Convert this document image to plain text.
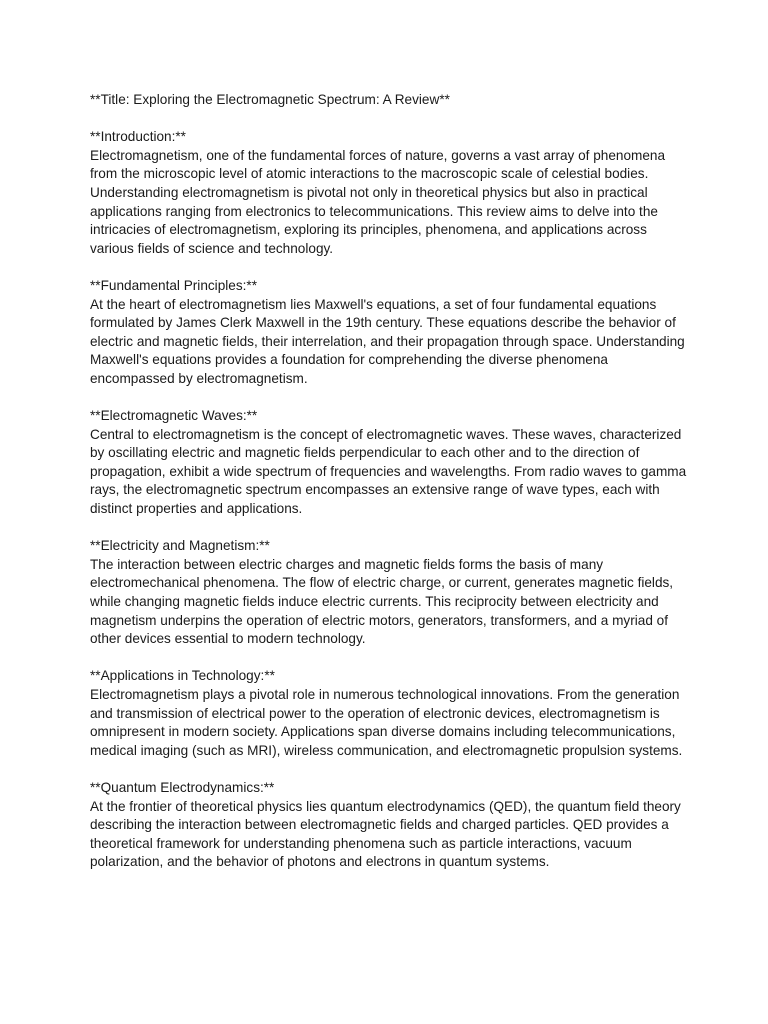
**Title: Exploring the Electromagnetic Spectrum: A Review**

**Introduction:**
Electromagnetism, one of the fundamental forces of nature, governs a vast array of phenomena from the microscopic level of atomic interactions to the macroscopic scale of celestial bodies. Understanding electromagnetism is pivotal not only in theoretical physics but also in practical applications ranging from electronics to telecommunications. This review aims to delve into the intricacies of electromagnetism, exploring its principles, phenomena, and applications across various fields of science and technology.
**Fundamental Principles:**
At the heart of electromagnetism lies Maxwell's equations, a set of four fundamental equations formulated by James Clerk Maxwell in the 19th century. These equations describe the behavior of electric and magnetic fields, their interrelation, and their propagation through space. Understanding Maxwell's equations provides a foundation for comprehending the diverse phenomena encompassed by electromagnetism.
**Electromagnetic Waves:**
Central to electromagnetism is the concept of electromagnetic waves. These waves, characterized by oscillating electric and magnetic fields perpendicular to each other and to the direction of propagation, exhibit a wide spectrum of frequencies and wavelengths. From radio waves to gamma rays, the electromagnetic spectrum encompasses an extensive range of wave types, each with distinct properties and applications.
**Electricity and Magnetism:**
The interaction between electric charges and magnetic fields forms the basis of many electromechanical phenomena. The flow of electric charge, or current, generates magnetic fields, while changing magnetic fields induce electric currents. This reciprocity between electricity and magnetism underpins the operation of electric motors, generators, transformers, and a myriad of other devices essential to modern technology.
**Applications in Technology:**
Electromagnetism plays a pivotal role in numerous technological innovations. From the generation and transmission of electrical power to the operation of electronic devices, electromagnetism is omnipresent in modern society. Applications span diverse domains including telecommunications, medical imaging (such as MRI), wireless communication, and electromagnetic propulsion systems.
**Quantum Electrodynamics:**
At the frontier of theoretical physics lies quantum electrodynamics (QED), the quantum field theory describing the interaction between electromagnetic fields and charged particles. QED provides a theoretical framework for understanding phenomena such as particle interactions, vacuum polarization, and the behavior of photons and electrons in quantum systems.
